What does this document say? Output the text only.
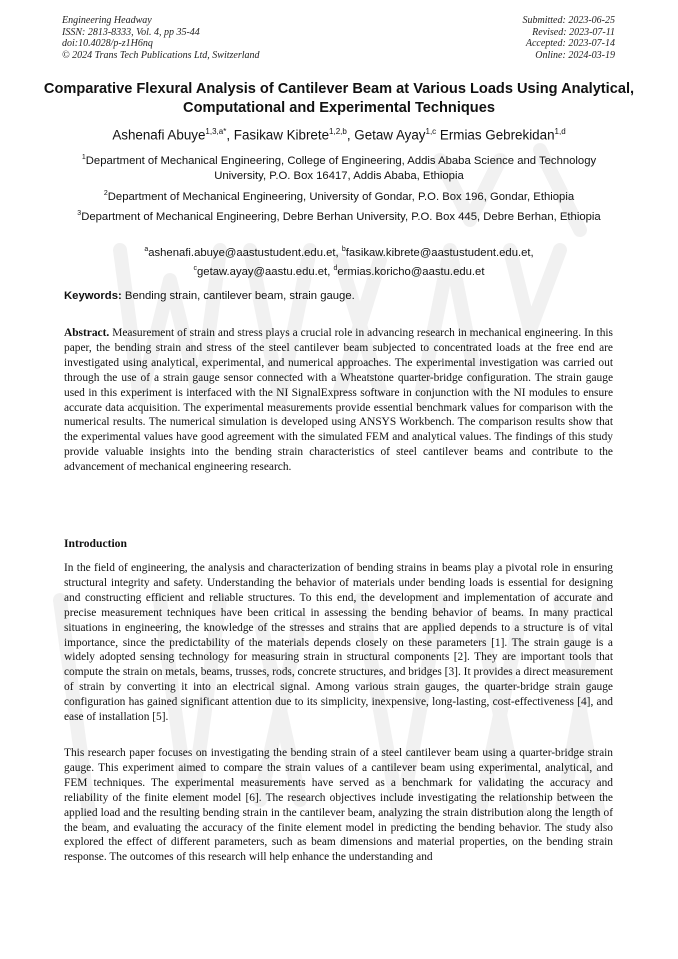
Engineering Headway
ISSN: 2813-8333, Vol. 4, pp 35-44
doi:10.4028/p-z1H6nq
© 2024 Trans Tech Publications Ltd, Switzerland
Submitted: 2023-06-25
Revised: 2023-07-11
Accepted: 2023-07-14
Online: 2024-03-19
Comparative Flexural Analysis of Cantilever Beam at Various Loads Using Analytical, Computational and Experimental Techniques
Ashenafi Abuye$^{1,3,a*}$, Fasikaw Kibrete$^{1,2,b}$, Getaw Ayay$^{1,c}$ Ermias Gebrekidan$^{1,d}$
$^1$Department of Mechanical Engineering, College of Engineering, Addis Ababa Science and Technology University, P.O. Box 16417, Addis Ababa, Ethiopia
$^2$Department of Mechanical Engineering, University of Gondar, P.O. Box 196, Gondar, Ethiopia
$^3$Department of Mechanical Engineering, Debre Berhan University, P.O. Box 445, Debre Berhan, Ethiopia
$^a$ashenafi.abuye@aastustudent.edu.et, $^b$fasikaw.kibrete@aastustudent.edu.et,
$^c$getaw.ayay@aastu.edu.et, $^d$ermias.koricho@aastu.edu.et
Keywords: Bending strain, cantilever beam, strain gauge.

Abstract. Measurement of strain and stress plays a crucial role in advancing research in mechanical engineering. In this paper, the bending strain and stress of the steel cantilever beam subjected to concentrated loads at the free end are investigated using analytical, experimental, and numerical approaches. The experimental investigation was carried out through the use of a strain gauge sensor connected with a Wheatstone quarter-bridge configuration. The strain gauge used in this experiment is interfaced with the NI SignalExpress software in conjunction with the NI modules to ensure accurate data acquisition. The experimental measurements provide essential benchmark values for comparison with the numerical results. The numerical simulation is developed using ANSYS Workbench. The comparison results show that the experimental values have good agreement with the simulated FEM and analytical values. The findings of this study provide valuable insights into the bending strain characteristics of steel cantilever beams and contribute to the advancement of mechanical engineering research.

Introduction

In the field of engineering, the analysis and characterization of bending strains in beams play a pivotal role in ensuring structural integrity and safety. Understanding the behavior of materials under bending loads is essential for designing and constructing efficient and reliable structures. To this end, the development and implementation of accurate and precise measurement techniques have been critical in assessing the bending behavior of beams. In many practical situations in engineering, the knowledge of the stresses and strains that are applied depends to a structure is of vital importance, since the predictability of the materials depends closely on these parameters [1]. The strain gauge is a widely adopted sensing technology for measuring strain in structural components [2]. They are important tools that compute the strain on metals, beams, trusses, rods, concrete structures, and bridges [3]. It provides a direct measurement of strain by converting it into an electrical signal. Among various strain gauges, the quarter-bridge strain gauge configuration has gained significant attention due to its simplicity, inexpensive, long-lasting, cost-effectiveness [4], and ease of installation [5].

This research paper focuses on investigating the bending strain of a steel cantilever beam using a quarter-bridge strain gauge. This experiment aimed to compare the strain values of a cantilever beam using experimental, analytical, and FEM techniques. The experimental measurements have served as a benchmark for validating the accuracy and reliability of the finite element model [6]. The research objectives include investigating the relationship between the applied load and the resulting bending strain in the cantilever beam, analyzing the strain distribution along the length of the beam, and evaluating the accuracy of the finite element model in predicting the bending behavior. The study also explored the effect of different parameters, such as beam dimensions and material properties, on the bending strain response. The outcomes of this research will help enhance the understanding and
